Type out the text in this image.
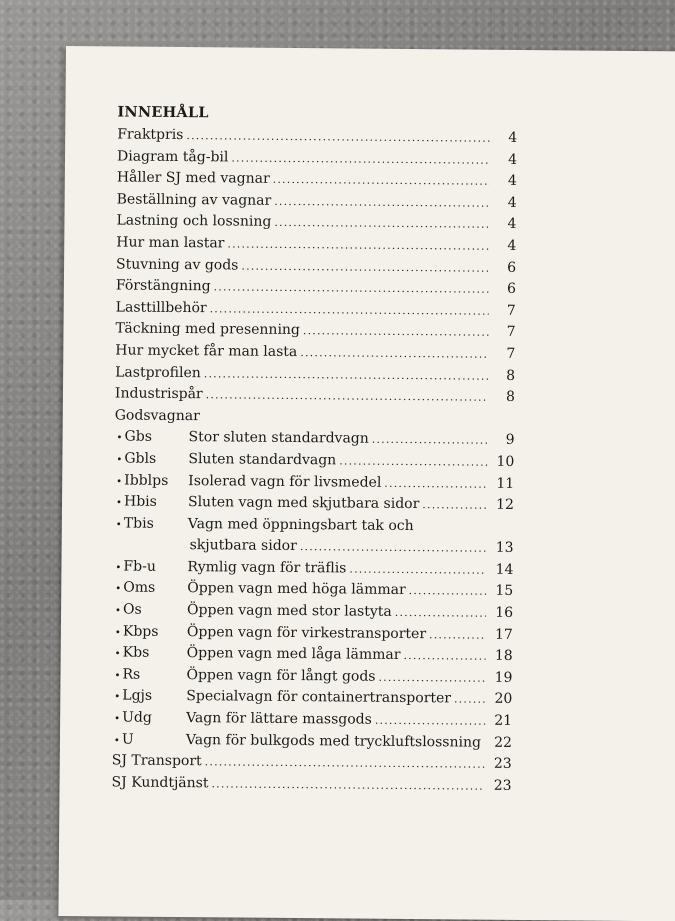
INNEHÅLL
Fraktpris .....	4
Diagram tåg-bil .....	4
Håller SJ med vagnar .....	4
Beställning av vagnar .....	4
Lastning och lossning .....	4
Hur man lastar .....	4
Stuvning av gods .....	6
Förstängning .....	6
Lasttillbehör .....	7
Täckning med presenning .....	7
Hur mycket får man lasta .....	7
Lastprofilen .....	8
Industrispår .....	8
Godsvagnar
• Gbs	Stor sluten standardvagn .....	9
• Gbls	Sluten standardvagn .....	10
• Ibblps	Isolerad vagn för livsmedel .....	11
• Hbis	Sluten vagn med skjutbara sidor .....	12
• Tbis	Vagn med öppningsbart tak och
skjutbara sidor .....	13
• Fb-u	Rymlig vagn för träflis .....	14
• Oms	Öppen vagn med höga lämmar .....	15
• Os	Öppen vagn med stor lastyta .....	16
• Kbps	Öppen vagn för virkestransporter .....	17
• Kbs	Öppen vagn med låga lämmar .....	18
• Rs	Öppen vagn för långt gods .....	19
• Lgjs	Specialvagn för containertransporter .....	20
• Udg	Vagn för lättare massgods .....	21
• U	Vagn för bulkgods med tryckluftslossning ..... 22
SJ Transport .....	23
SJ Kundtjänst .....	23
